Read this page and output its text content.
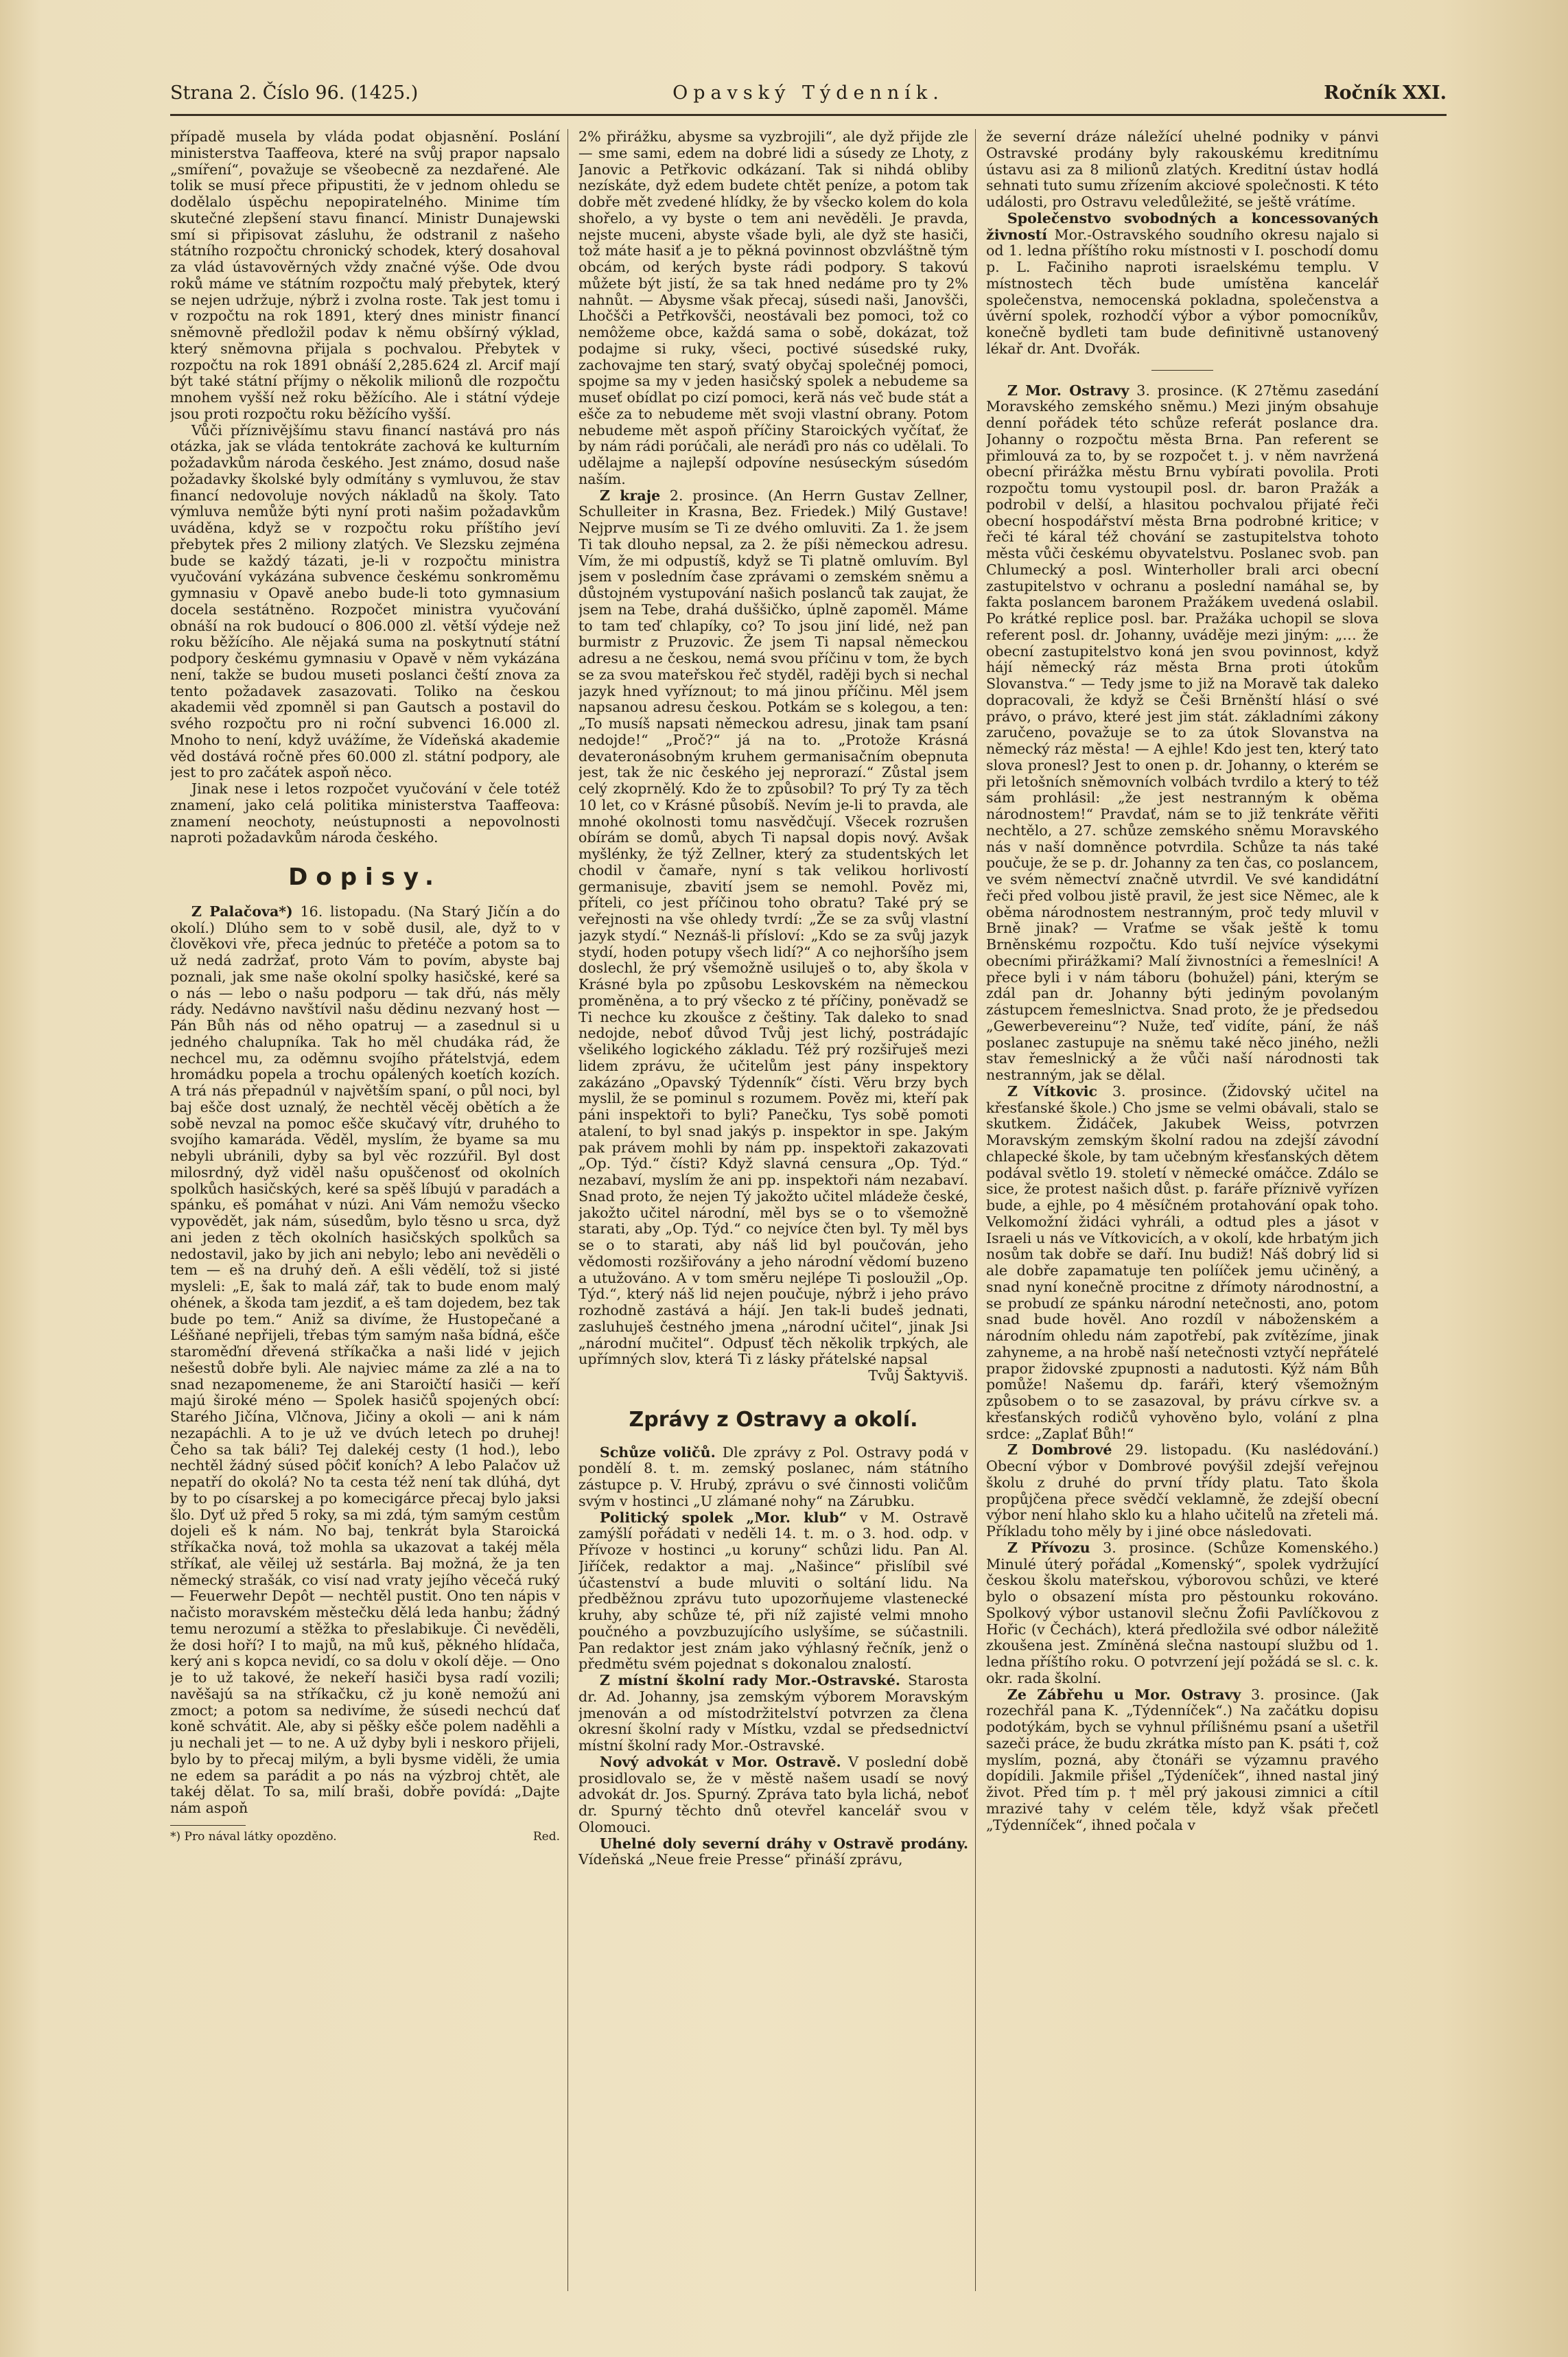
Strana 2. Číslo 96. (1425.)	Opavský Týdenník.	Ročník XXI.

případě musela by vláda podat objasnění. Poslání ministerstva Taaffeova, které na svůj prapor napsalo „smíření“, považuje se všeobecně za nezdařené. Ale tolik se musí přece připustiti, že v jednom ohledu se dodělalo úspěchu nepopiratelného. Minime tím skutečné zlepšení stavu financí. Ministr Dunajewski smí si připisovat zásluhu, že odstranil z našeho státního rozpočtu chronický schodek, který dosahoval za vlád ústavověrných vždy značné výše. Ode dvou roků máme ve státním rozpočtu malý přebytek, který se nejen udržuje, nýbrž i zvolna roste. Tak jest tomu i v rozpočtu na rok 1891, který dnes ministr financí sněmovně předložil podav k němu obšírný výklad, který sněmovna přijala s pochvalou. Přebytek v rozpočtu na rok 1891 obnáší 2,285.624 zl. Arcif mají být také státní příjmy o několik milionů dle rozpočtu mnohem vyšší než roku běžícího. Ale i státní výdeje jsou proti rozpočtu roku běžícího vyšší.

Vůči příznivějšímu stavu financí nastává pro nás otázka, jak se vláda tentokráte zachová ke kulturním požadavkům národa českého. Jest známo, dosud naše požadavky školské byly odmítány s vymluvou, že stav financí nedovoluje nových nákladů na školy. Tato výmluva nemůže býti nyní proti našim požadavkům uváděna, když se v rozpočtu roku příštího jeví přebytek přes 2 miliony zlatých. Ve Slezsku zejména bude se každý tázati, je-li v rozpočtu ministra vyučování vykázána subvence českému sonkroměmu gymnasiu v Opavě anebo bude-li toto gymnasium docela sestátněno. Rozpočet ministra vyučování obnáší na rok budoucí o 806.000 zl. větší výdeje než roku běžícího. Ale nějaká suma na poskytnutí státní podpory českému gymnasiu v Opavě v něm vykázána není, takže se budou museti poslanci čeští znova za tento požadavek zasazovati. Toliko na českou akademii věd zpomněl si pan Gautsch a postavil do svého rozpočtu pro ni roční subvenci 16.000 zl. Mnoho to není, když uvážíme, že Vídeňská akademie věd dostává ročně přes 60.000 zl. státní podpory, ale jest to pro začátek aspoň něco.

Jinak nese i letos rozpočet vyučování v čele totéž znamení, jako celá politika ministerstva Taaffeova: znamení neochoty, neústupnosti a nepovolnosti naproti požadavkům národa českého.

Dopisy.

Z Palačova*) 16. listopadu. (Na Starý Jičín a do okolí.) Dlúho sem to v sobě dusil, ale, dyž to v člověkovi vře, přeca jednúc to přetéče a potom sa to už nedá zadržať, proto Vám to povím, abyste baj poznali, jak sme naše okolní spolky hasičské, keré sa o nás — lebo o našu podporu — tak dřú, nás měly rády. Nedávno navštívil našu dědinu nezvaný host — Pán Bůh nás od něho opatruj — a zasednul si u jedného chalupníka. Tak ho měl chudáka rád, že nechcel mu, za oděmnu svojího přátelstvjá, edem hromádku popela a trochu opálených koetích kozích. A trá nás přepadnúl v najvětším spaní, o půl noci, byl baj ešče dost uznalý, že nechtěl věcěj obětích a že sobě nevzal na pomoc ešče skučavý vítr, druhého to svojího kamaráda. Věděl, myslím, že byame sa mu nebyli ubránili, dyby sa byl věc rozzúřil. Byl dost milosrdný, dyž viděl našu opuščenosť od okolních spolkůch hasičských, keré sa spěš líbujú v paradách a spánku, eš pomáhat v núzi. Ani Vám nemožu všecko vypovědět, jak nám, súsedům, bylo těsno u srca, dyž ani jeden z těch okolních hasičských spolkůch sa nedostavil, jako by jich ani nebylo; lebo ani nevěděli o tem — eš na druhý deň. A ešli vědělí, tož si jisté mysleli: „E, šak to malá zář, tak to bude enom malý ohének, a škoda tam jezdiť, a eš tam dojedem, bez tak bude po tem.“ Aniž sa divíme, že Hustopečané a Léšňané nepřijeli, třebas tým samým naša bídná, ešče staroměďní dřevená stříkačka a naši lidé v jejich nešestů dobře byli. Ale najviec máme za zlé a na to snad nezapomeneme, že ani Staroičtí hasiči — keří majú široké méno — Spolek hasičů spojených obcí: Starého Jičína, Vlčnova, Jičiny a okoli — ani k nám nezapáchli. A to je už ve dvúch letech po druhej! Čeho sa tak báli? Tej dalekéj cesty (1 hod.), lebo nechtěl žádný súsed pôčiť koních? A lebo Palačov už nepatří do okolá? No ta cesta též není tak dlúhá, dyt by to po císarskej a po komecigárce přecaj bylo jaksi šlo. Dyť už před 5 roky, sa mi zdá, tým samým cestům dojeli eš k nám. No baj, tenkrát byla Staroická stříkačka nová, tož mohla sa ukazovat a takéj měla stříkať, ale věilej už sestárla. Baj možná, že ja ten německý strašák, co visí nad vraty jejího věcečá ruký — Feuerwehr Depôt — nechtěl pustit. Ono ten nápis v načisto moravském městečku dělá leda hanbu; žádný temu nerozumí a stěžka to přeslabikuje. Či nevěděli, že dosi hoří? I to majů, na mů kuš, pěkného hlídača, kerý ani s kopca nevidí, co sa dolu v okolí děje. — Ono je to už takové, že nekeří hasiči bysa radí vozili; navěšajú sa na stříkačku, cž ju koně nemožú ani zmoct; a potom sa nedivíme, že súsedi nechcú dať koně schvátit. Ale, aby si pěšky ešče polem naděhli a ju nechali jet — to ne. A už dyby byli i neskoro přijeli, bylo by to přecaj milým, a byli bysme viděli, že umia ne edem sa parádit a po nás na výzbroj chtět, ale takéj dělat. To sa, milí braši, dobře povídá: „Dajte nám aspoň

*) Pro nával látky opozděno.	Red.

2% přirážku, abysme sa vyzbrojili“, ale dyž přijde zle — sme sami, edem na dobré lidi a súsedy ze Lhoty, z Janovic a Petřkovic odkázaní. Tak si nihdá obliby nezískáte, dyž edem budete chtět peníze, a potom tak dobře mět zvedené hlídky, že by všecko kolem do kola shořelo, a vy byste o tem ani nevěděli. Je pravda, nejste muceni, abyste všade byli, ale dyž ste hasiči, tož máte hasiť a je to pěkná povinnost obzvláštně tým obcám, od kerých byste rádi podpory. S takovú můžete být jistí, že sa tak hned nedáme pro ty 2% nahnůt. — Abysme však přecaj, súsedi naši, Janovšči, Lhočšči a Petřkovšči, neostávali bez pomoci, tož co nemôžeme obce, každá sama o sobě, dokázat, tož podajme si ruky, všeci, poctivé súsedské ruky, zachovajme ten starý, svatý obyčaj společnéj pomoci, spojme sa my v jeden hasičský spolek a nebudeme sa museť obídlat po cizí pomoci, keră nás več bude stát a ešče za to nebudeme mět svoji vlastní obrany. Potom nebudeme mět aspoň příčiny Staroických vyčítať, že by nám rádi porúčali, ale neráďi pro nás co udělali. To udělajme a najlepší odpovíne nesúseckým súsedóm naším.

Z kraje 2. prosince. (An Herrn Gustav Zellner, Schulleiter in Krasna, Bez. Friedek.) Milý Gustave! Nejprve musím se Ti ze dvého omluviti. Za 1. že jsem Ti tak dlouho nepsal, za 2. že píši německou adresu. Vím, že mi odpustíš, když se Ti platně omluvím. Byl jsem v posledním čase zprávami o zemském sněmu a důstojném vystupování našich poslanců tak zaujat, že jsem na Tebe, drahá duššičko, úplně zapoměl. Máme to tam teď chlapíky, co? To jsou jiní lidé, než pan burmistr z Pruzovic. Že jsem Ti napsal německou adresu a ne českou, nemá svou příčinu v tom, že bych se za svou mateřskou řeč styděl, raději bych si nechal jazyk hned vyříznout; to má jinou příčinu. Měl jsem napsanou adresu českou. Potkám se s kolegou, a ten: „To musíš napsati německou adresu, jinak tam psaní nedojde!“ „Proč?“ já na to. „Protože Krásná devateronásobným kruhem germanisačním obepnuta jest, tak že nic českého jej neprorazí.“ Zůstal jsem celý zkoprnělý. Kdo že to způsobil? To prý Ty za těch 10 let, co v Krásné působíš. Nevím je-li to pravda, ale mnohé okolnosti tomu nasvědčují. Všecek rozrušen obírám se domů, abych Ti napsal dopis nový. Avšak myšlénky, že týž Zellner, který za studentských let chodil v čamaře, nyní s tak velikou horlivostí germanisuje, zbavití jsem se nemohl. Pověz mi, příteli, co jest příčinou toho obratu? Také prý se veřejnosti na vše ohledy tvrdí: „Že se za svůj vlastní jazyk stydí.“ Neznáš-li přísloví: „Kdo se za svůj jazyk stydí, hoden potupy všech lidí?“ A co nejhoršího jsem doslechl, že prý všemožně usiluješ o to, aby škola v Krásné byla po způsobu Leskovském na německou proměněna, a to prý všecko z té příčiny, poněvadž se Ti nechce ku zkoušce z češtiny. Tak daleko to snad nedojde, neboť důvod Tvůj jest lichý, postrádajíc všelikého logického základu. Též prý rozšiřuješ mezi lidem zprávu, že učitelům jest pány inspektory zakázáno „Opavský Týdenník“ čísti. Věru brzy bych myslil, že se pominul s rozumem. Pověz mi, kteří pak páni inspektoři to byli? Panečku, Tys sobě pomoti atalení, to byl snad jakýs p. inspektor in spe. Jakým pak právem mohli by nám pp. inspektoři zakazovati „Op. Týd.“ čísti? Když slavná censura „Op. Týd.“ nezabaví, myslím že ani pp. inspektoři nám nezabaví. Snad proto, že nejen Tý jakožto učitel mládeže české, jakožto učitel národní, měl bys se o to všemožně starati, aby „Op. Týd.“ co nejvíce čten byl. Ty měl bys se o to starati, aby náš lid byl poučován, jeho vědomosti rozšiřovány a jeho národní vědomí buzeno a utužováno. A v tom směru nejlépe Ti posloužil „Op. Týd.“, který náš lid nejen poučuje, nýbrž i jeho právo rozhodně zastává a hájí. Jen tak-li budeš jednati, zasluhuješ čestného jmena „národní učitel“, jinak Jsi „národní mučitel“. Odpusť těch několik trpkých, ale upřímných slov, která Ti z lásky přátelské napsal

Tvůj Šaktyviš.

Zprávy z Ostravy a okolí.

Schůze voličů. Dle zprávy z Pol. Ostravy podá v pondělí 8. t. m. zemský poslanec, nám státního zástupce p. V. Hrubý, zprávu o své činnosti voličům svým v hostinci „U zlámané nohy“ na Zárubku.

Politický spolek „Mor. klub“ v M. Ostravě zamýšlí pořádati v neděli 14. t. m. o 3. hod. odp. v Přívoze v hostinci „u koruny“ schůzi lidu. Pan Al. Jiříček, redaktor a maj. „Našince“ přislíbil své účastenství a bude mluviti o soltání lidu. Na předběžnou zprávu tuto upozorňujeme vlastenecké kruhy, aby schůze té, při níž zajisté velmi mnoho poučného a povzbuzujícího uslyšíme, se súčastnili. Pan redaktor jest znám jako výhlasný řečník, jenž o předmětu svém pojednat s dokonalou znalostí.

Z místní školní rady Mor.-Ostravské. Starosta dr. Ad. Johanny, jsa zemským výborem Moravským jmenován a od místodržitelství potvrzen za člena okresní školní rady v Místku, vzdal se předsednictví místní školní rady Mor.-Ostravské.

Nový advokát v Mor. Ostravě. V poslední době prosidlovalo se, že v městě našem usadí se nový advokát dr. Jos. Spurný. Zpráva tato byla lichá, neboť dr. Spurný těchto dnů otevřel kancelář svou v Olomouci.

Uhelné doly severní dráhy v Ostravě prodány. Vídeňská „Neue freie Presse“ přináší zprávu,

že severní dráze náležící uhelné podniky v pánvi Ostravské prodány byly rakouskému kreditnímu ústavu asi za 8 milionů zlatých. Kreditní ústav hodlá sehnati tuto sumu zřízením akciové společnosti. K této události, pro Ostravu veledůležité, se ještě vrátíme.

Společenstvo svobodných a koncessovaných živností Mor.-Ostravského soudního okresu najalo si od 1. ledna příštího roku místnosti v I. poschodí domu p. L. Fačiniho naproti israelskému templu. V místnostech těch bude umístěna kancelář společenstva, nemocenská pokladna, společenstva a úvěrní spolek, rozhodčí výbor a výbor pomocníkův, konečně bydleti tam bude definitivně ustanovený lékař dr. Ant. Dvořák.

Z Mor. Ostravy 3. prosince. (K 27těmu zasedání Moravského zemského sněmu.) Mezi jiným obsahuje denní pořádek této schůze referát poslance dra. Johanny o rozpočtu města Brna. Pan referent se přimlouvá za to, by se rozpočet t. j. v něm navržená obecní přirážka městu Brnu vybírati povolila. Proti rozpočtu tomu vystoupil posl. dr. baron Pražák a podrobil v delší, a hlasitou pochvalou přijaté řeči obecní hospodářství města Brna podrobné kritice; v řeči té káral též chování se zastupitelstva tohoto města vůči českému obyvatelstvu. Poslanec svob. pan Chlumecký a posl. Winterholler brali arci obecní zastupitelstvo v ochranu a poslední namáhal se, by fakta poslancem baronem Pražákem uvedená oslabil. Po krátké replice posl. bar. Pražáka uchopil se slova referent posl. dr. Johanny, uváděje mezi jiným: „… že obecní zastupitelstvo koná jen svou povinnost, když hájí německý ráz města Brna proti útokům Slovanstva.“ — Tedy jsme to již na Moravě tak daleko dopracovali, že když se Češi Brněnští hlásí o své právo, o právo, které jest jim stát. základními zákony zaručeno, považuje se to za útok Slovanstva na německý ráz města! — A ejhle! Kdo jest ten, který tato slova pronesl? Jest to onen p. dr. Johanny, o kterém se při letošních sněmovních volbách tvrdilo a který to též sám prohlásil: „že jest nestranným k oběma národnostem!“ Pravdať, nám se to již tenkráte věřiti nechtělo, a 27. schůze zemského sněmu Moravského nás v naší domněnce potvrdila. Schůze ta nás také poučuje, že se p. dr. Johanny za ten čas, co poslancem, ve svém němectví značně utvrdil. Ve své kandidátní řeči před volbou jistě pravil, že jest sice Němec, ale k oběma národnostem nestranným, proč tedy mluvil v Brně jinak? — Vraťme se však ještě k tomu Brněnskému rozpočtu. Kdo tuší nejvíce výsekymi obecními přirážkami? Malí živnostníci a řemeslníci! A přece byli i v nám táboru (bohužel) páni, kterým se zdál pan dr. Johanny býti jediným povolaným zástupcem řemeslnictva. Snad proto, že je předsedou „Gewerbevereinu“? Nuže, teď vidíte, pání, že náš poslanec zastupuje na sněmu také něco jiného, nežli stav řemeslnický a že vůči naší národnosti tak nestranným, jak se dělal.

Z Vítkovic 3. prosince. (Židovský učitel na křesťanské škole.) Cho jsme se velmi obávali, stalo se skutkem. Židáček, Jakubek Weiss, potvrzen Moravským zemským školní radou na zdejší závodní chlapecké škole, by tam učebným křesťanských dětem podával světlo 19. století v německé omáčce. Zdálo se sice, že protest našich důst. p. faráře příznivě vyřízen bude, a ejhle, po 4 měsíčném protahování opak toho. Velkomožní židáci vyhráli, a odtud ples a jásot v Israeli u nás ve Vítkovicích, a v okolí, kde hrbatým jich nosům tak dobře se daří. Inu budiž! Náš dobrý lid si ale dobře zapamatuje ten polííček jemu učiněný, a snad nyní konečně procitne z dřímoty národnostní, a se probudí ze spánku národní netečnosti, ano, potom snad bude hověl. Ano rozdíl v náboženském a národním ohledu nám zapotřebí, pak zvítězíme, jinak zahyneme, a na hrobě naší netečnosti vztyčí nepřátelé prapor židovské zpupnosti a nadutosti. Kýž nám Bůh pomůže! Našemu dp. faráři, který všemožným způsobem o to se zasazoval, by právu církve sv. a křesťanských rodičů vyhověno bylo, volání z plna srdce: „Zaplať Bůh!“

Z Dombrové 29. listopadu. (Ku naslédování.) Obecní výbor v Dombrové povýšil zdejší veřejnou školu z druhé do první třídy platu. Tato škola propůjčena přece svědčí veklamně, že zdejší obecní výbor není hlaho sklo ku a hlaho učitelů na zřeteli má. Příkladu toho měly by i jiné obce následovati.

Z Přívozu 3. prosince. (Schůze Komenského.) Minulé úterý pořádal „Komenský“, spolek vydržující českou školu mateřskou, výborovou schůzi, ve které bylo o obsazení místa pro pěstounku rokováno. Spolkový výbor ustanovil slečnu Žofii Pavlíčkovou z Hořic (v Čechách), která předložila své odbor náležitě zkoušena jest. Zmíněná slečna nastoupí službu od 1. ledna příštího roku. O potvrzení její požádá se sl. c. k. okr. rada školní.

Ze Zábřehu u Mor. Ostravy 3. prosince. (Jak rozechřál pana K. „Týdenníček“.) Na začátku dopisu podotýkám, bych se vyhnul přílišnému psaní a ušetřil sazeči práce, že budu zkrátka místo pan K. psáti †, což myslím, pozná, aby čtonáři se výzamnu pravého dopídili. Jakmile přišel „Týdeníček“, ihned nastal jiný život. Před tím p. † měl prý jakousi zimnici a cítil mrazivé tahy v celém těle, když však přečetl „Týdenníček“, ihned počala v
